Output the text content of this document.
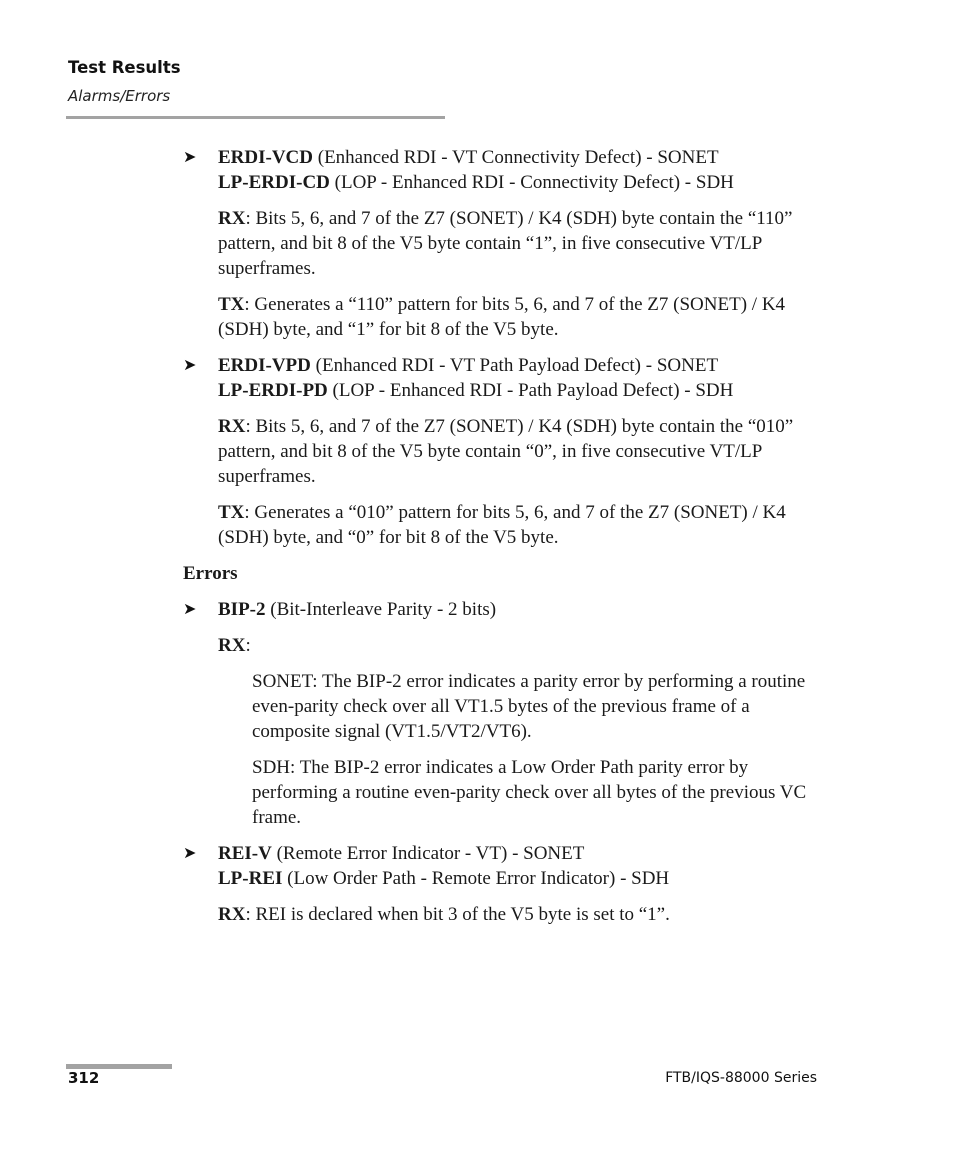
Test Results
Alarms/Errors
➤ ERDI-VCD (Enhanced RDI - VT Connectivity Defect) - SONET
LP-ERDI-CD (LOP - Enhanced RDI - Connectivity Defect) - SDH
RX: Bits 5, 6, and 7 of the Z7 (SONET) / K4 (SDH) byte contain the “110” pattern, and bit 8 of the V5 byte contain “1”, in five consecutive VT/LP superframes.
TX: Generates a “110” pattern for bits 5, 6, and 7 of the Z7 (SONET) / K4 (SDH) byte, and “1” for bit 8 of the V5 byte.
➤ ERDI-VPD (Enhanced RDI - VT Path Payload Defect) - SONET
LP-ERDI-PD (LOP - Enhanced RDI - Path Payload Defect) - SDH
RX: Bits 5, 6, and 7 of the Z7 (SONET) / K4 (SDH) byte contain the “010” pattern, and bit 8 of the V5 byte contain “0”, in five consecutive VT/LP superframes.
TX: Generates a “010” pattern for bits 5, 6, and 7 of the Z7 (SONET) / K4 (SDH) byte, and “0” for bit 8 of the V5 byte.
Errors
➤ BIP-2 (Bit-Interleave Parity - 2 bits)
RX:
SONET: The BIP-2 error indicates a parity error by performing a routine even-parity check over all VT1.5 bytes of the previous frame of a composite signal (VT1.5/VT2/VT6).
SDH: The BIP-2 error indicates a Low Order Path parity error by performing a routine even-parity check over all bytes of the previous VC frame.
➤ REI-V (Remote Error Indicator - VT) - SONET
LP-REI (Low Order Path - Remote Error Indicator) - SDH
RX: REI is declared when bit 3 of the V5 byte is set to “1”.
312	FTB/IQS-88000 Series
